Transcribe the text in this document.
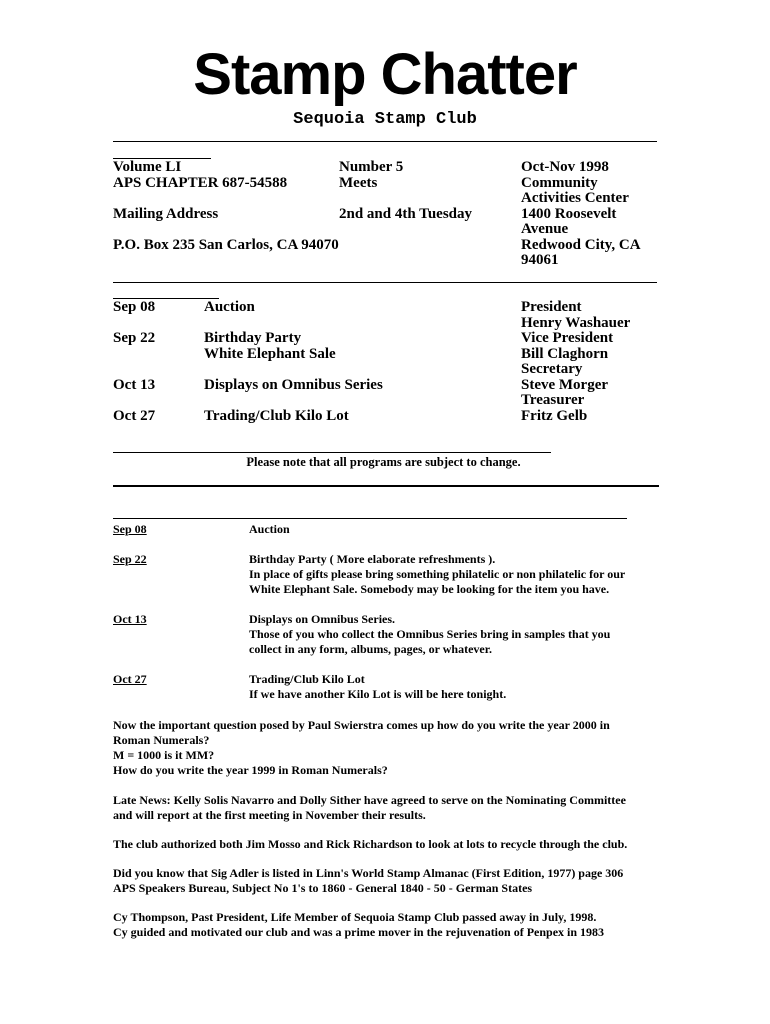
Stamp Chatter
Sequoia Stamp Club
Volume LI
APS CHAPTER 687-54588
Mailing Address
P.O. Box 235 San Carlos, CA 94070
Number 5
Meets
2nd and 4th Tuesday
Oct-Nov 1998
Community
Activities Center
1400 Roosevelt
Avenue
Redwood City, CA
94061
Sep 08
Sep 22
Oct 13
Oct 27
Auction
Birthday Party
White Elephant Sale
Displays on Omnibus Series
Trading/Club Kilo Lot
President
Henry Washauer
Vice President
Bill Claghorn
Secretary
Steve Morger
Treasurer
Fritz Gelb
Please note that all programs are subject to change.
Sep 08
Sep 22
Oct 13
Oct 27
Auction
Birthday Party ( More elaborate refreshments ).
In place of gifts please bring something philatelic or non philatelic for our
White Elephant Sale. Somebody may be looking for the item you have.
Displays on Omnibus Series.
Those of you who collect the Omnibus Series bring in samples that you
collect in any form, albums, pages, or whatever.
Trading/Club Kilo Lot
If we have another Kilo Lot is will be here tonight.
Now the important question posed by Paul Swierstra comes up how do you write the year 2000 in
Roman Numerals?
M = 1000 is it MM?
How do you write the year 1999 in Roman Numerals?
Late News: Kelly Solis Navarro and Dolly Sither have agreed to serve on the Nominating Committee
and will report at the first meeting in November their results.
The club authorized both Jim Mosso and Rick Richardson to look at lots to recycle through the club.
Did you know that Sig Adler is listed in Linn's World Stamp Almanac (First Edition, 1977) page 306
APS Speakers Bureau, Subject No 1's to 1860 - General 1840 - 50 - German States
Cy Thompson, Past President, Life Member of Sequoia Stamp Club passed away in July, 1998.
Cy guided and motivated our club and was a prime mover in the rejuvenation of Penpex in 1983
